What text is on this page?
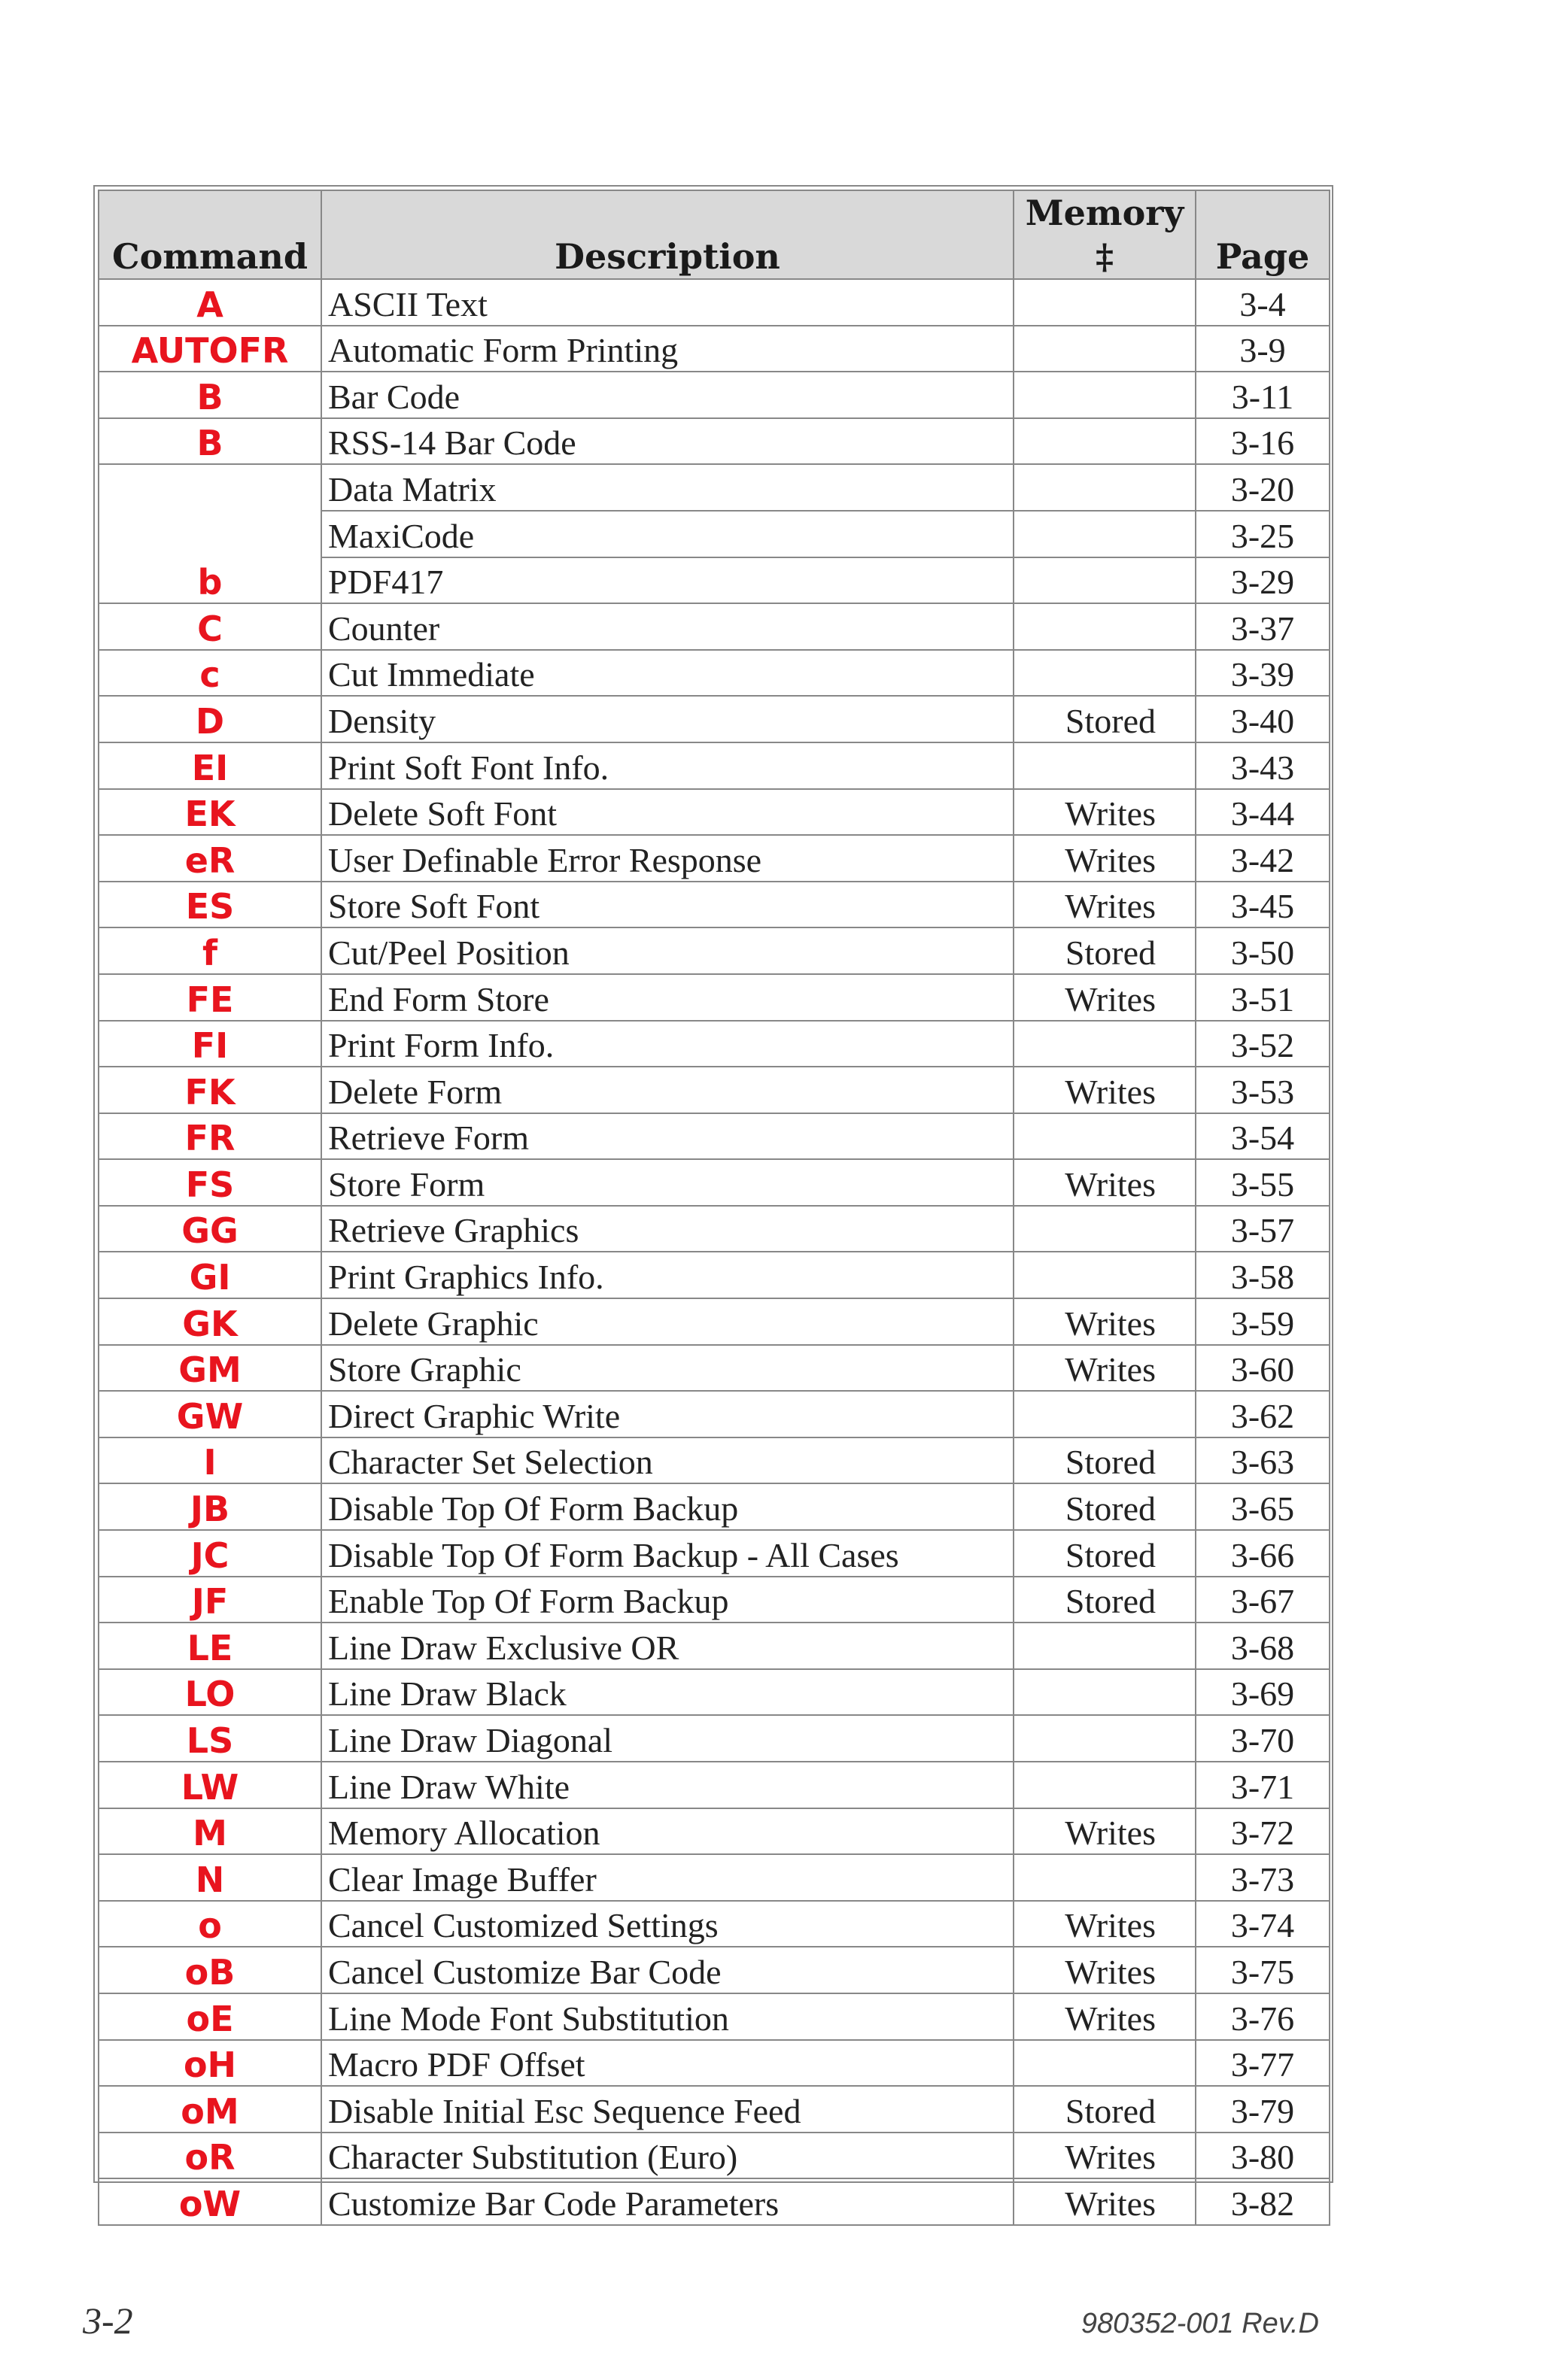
Command	Description	Memory ‡	Page
A	ASCII Text		3-4
AUTOFR	Automatic Form Printing		3-9
B	Bar Code		3-11
B	RSS-14 Bar Code		3-16
b	Data Matrix		3-20
	MaxiCode		3-25
	PDF417		3-29
C	Counter		3-37
c	Cut Immediate		3-39
D	Density	Stored	3-40
EI	Print Soft Font Info.		3-43
EK	Delete Soft Font	Writes	3-44
eR	User Definable Error Response	Writes	3-42
ES	Store Soft Font	Writes	3-45
f	Cut/Peel Position	Stored	3-50
FE	End Form Store	Writes	3-51
FI	Print Form Info.		3-52
FK	Delete Form	Writes	3-53
FR	Retrieve Form		3-54
FS	Store Form	Writes	3-55
GG	Retrieve Graphics		3-57
GI	Print Graphics Info.		3-58
GK	Delete Graphic	Writes	3-59
GM	Store Graphic	Writes	3-60
GW	Direct Graphic Write		3-62
I	Character Set Selection	Stored	3-63
JB	Disable Top Of Form Backup	Stored	3-65
JC	Disable Top Of Form Backup - All Cases	Stored	3-66
JF	Enable Top Of Form Backup	Stored	3-67
LE	Line Draw Exclusive OR		3-68
LO	Line Draw Black		3-69
LS	Line Draw Diagonal		3-70
LW	Line Draw White		3-71
M	Memory Allocation	Writes	3-72
N	Clear Image Buffer		3-73
o	Cancel Customized Settings	Writes	3-74
oB	Cancel Customize Bar Code	Writes	3-75
oE	Line Mode Font Substitution	Writes	3-76
oH	Macro PDF Offset		3-77
oM	Disable Initial Esc Sequence Feed	Stored	3-79
oR	Character Substitution (Euro)	Writes	3-80
oW	Customize Bar Code Parameters	Writes	3-82
3-2	980352-001 Rev.D
